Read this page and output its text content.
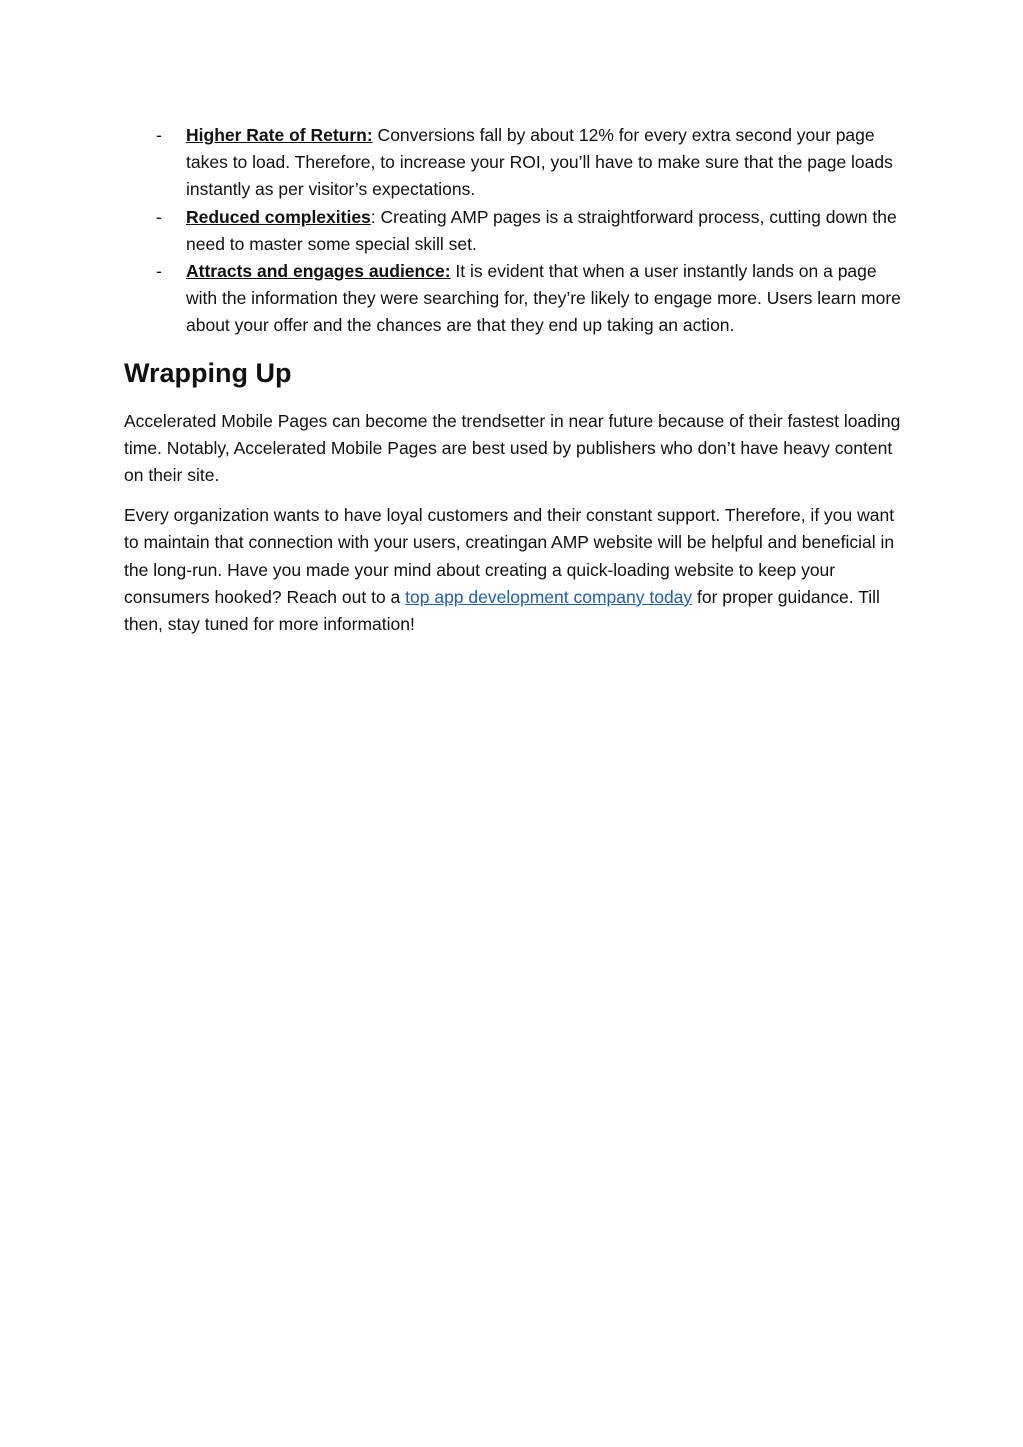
- Higher Rate of Return: Conversions fall by about 12% for every extra second your page takes to load. Therefore, to increase your ROI, you’ll have to make sure that the page loads instantly as per visitor’s expectations.
- Reduced complexities: Creating AMP pages is a straightforward process, cutting down the need to master some special skill set.
- Attracts and engages audience: It is evident that when a user instantly lands on a page with the information they were searching for, they’re likely to engage more. Users learn more about your offer and the chances are that they end up taking an action.
Wrapping Up

Accelerated Mobile Pages can become the trendsetter in near future because of their fastest loading time. Notably, Accelerated Mobile Pages are best used by publishers who don’t have heavy content on their site.

Every organization wants to have loyal customers and their constant support. Therefore, if you want to maintain that connection with your users, creatingan AMP website will be helpful and beneficial in the long-run. Have you made your mind about creating a quick-loading website to keep your consumers hooked? Reach out to a top app development company today for proper guidance. Till then, stay tuned for more information!
